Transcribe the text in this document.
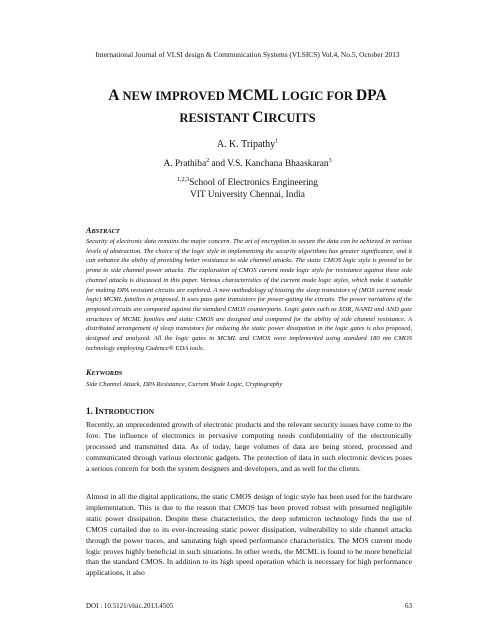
International Journal of VLSI design & Communication Systems (VLSICS) Vol.4, No.5, October 2013
A NEW IMPROVED MCML LOGIC FOR DPA
RESISTANT CIRCUITS
A. K. Tripathy$^1$
A. Prathiba$^2$ and V.S. Kanchana Bhaaskaran$^3$
$^{1,2,3}$School of Electronics Engineering
VIT University Chennai, India
ABSTRACT
Security of electronic data remains the major concern. The art of encryption to secure the data can be achieved in various levels of abstraction. The choice of the logic style in implementing the security algorithms has greater significance, and it can enhance the ability of providing better resistance to side channel attacks. The static CMOS logic style is proved to be prone to side channel power attacks. The exploration of CMOS current mode logic style for resistance against these side channel attacks is discussed in this paper. Various characteristics of the current mode logic styles, which make it suitable for making DPA resistant circuits are explored. A new methodology of biasing the sleep transistors of (MOS current mode logic) MCML families is proposed. It uses pass gate transistors for power-gating the circuits. The power variations of the proposed circuits are compared against the standard CMOS counterparts. Logic gates such as XOR, NAND and AND gate structures of MCML families and static CMOS are designed and compared for the ability of side channel resistance. A distributed arrangement of sleep transistors for reducing the static power dissipation in the logic gates is also proposed, designed and analyzed. All the logic gates in MCML and CMOS were implemented using standard 180 nm CMOS technology employing Cadence® EDA tools.
KEYWORDS
Side Channel Attack, DPA Resistance, Current Mode Logic, Cryptography
1. INTRODUCTION
Recently, an unprecedented growth of electronic products and the relevant security issues have come to the fore. The influence of electronics in pervasive computing needs confidentiality of the electronically processed and transmitted data. As of today, large volumes of data are being stored, processed and communicated through various electronic gadgets. The protection of data in such electronic devices poses a serious concern for both the system designers and developers, and as well for the clients.
Almost in all the digital applications, the static CMOS design of logic style has been used for the hardware implementation. This is due to the reason that CMOS has been proved robust with presumed negligible static power dissipation. Despite these characteristics, the deep submicron technology finds the use of CMOS curtailed due to its ever-increasing static power dissipation, vulnerability to side channel attacks through the power traces, and saturating high speed performance characteristics. The MOS current mode logic proves highly beneficial in such situations. In other words, the MCML is found to be more beneficial than the standard CMOS. In addition to its high speed operation which is necessary for high performance applications, it also
DOI : 10.5121/vlsic.2013.4505	63
